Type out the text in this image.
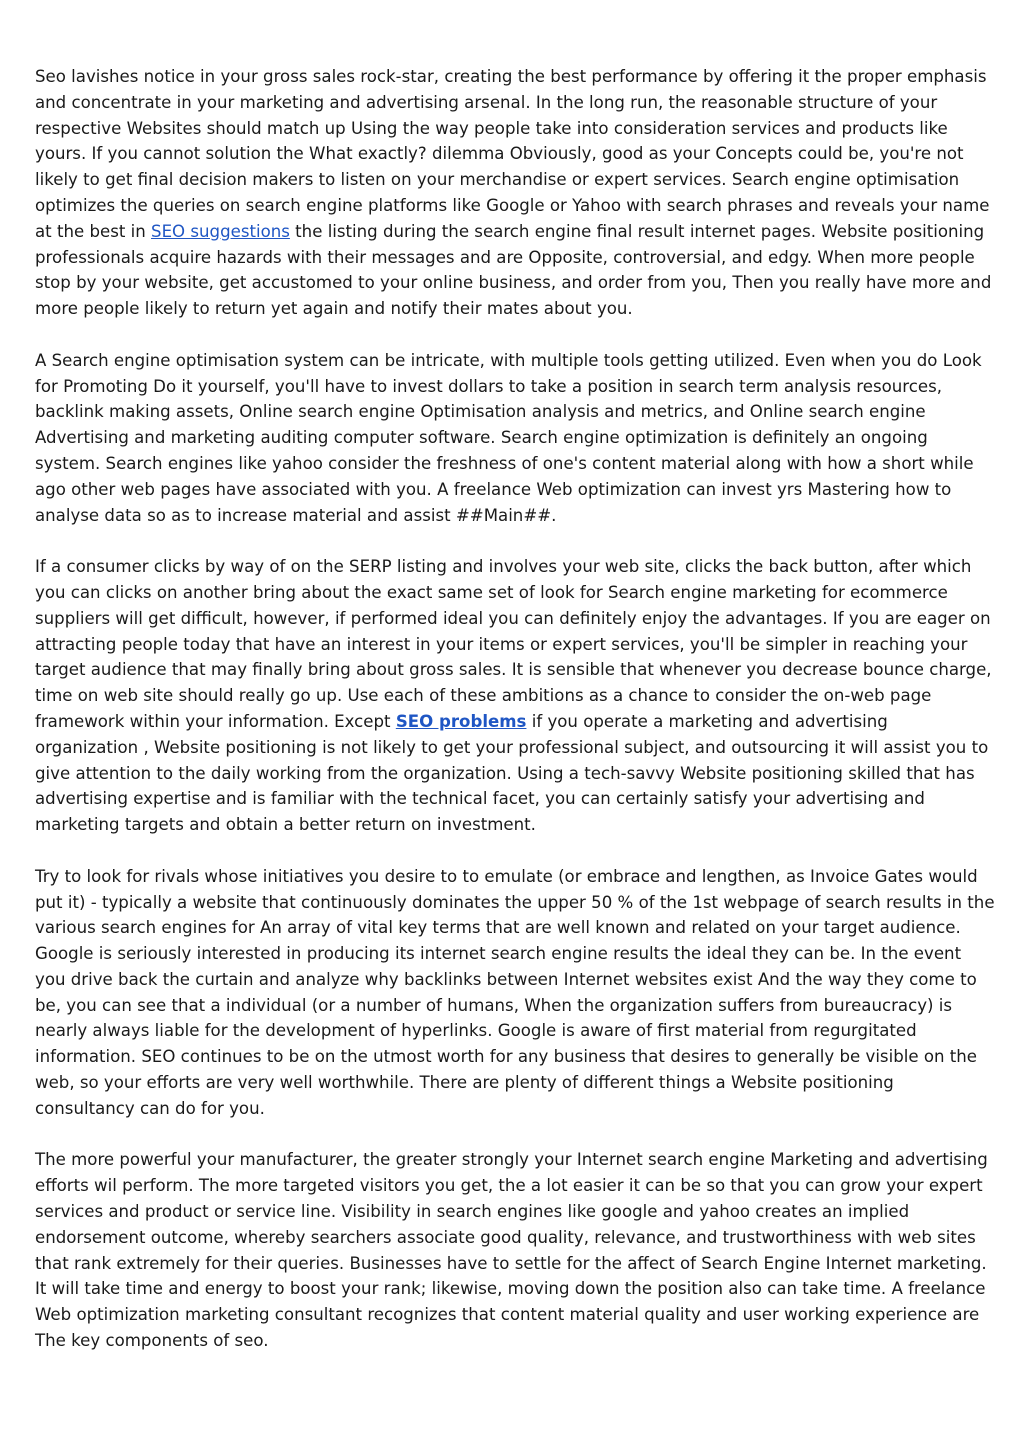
Seo lavishes notice in your gross sales rock-star, creating the best performance by offering it the proper emphasis and concentrate in your marketing and advertising arsenal. In the long run, the reasonable structure of your respective Websites should match up Using the way people take into consideration services and products like yours. If you cannot solution the What exactly? dilemma Obviously, good as your Concepts could be, you're not likely to get final decision makers to listen on your merchandise or expert services. Search engine optimisation optimizes the queries on search engine platforms like Google or Yahoo with search phrases and reveals your name at the best in SEO suggestions the listing during the search engine final result internet pages. Website positioning professionals acquire hazards with their messages and are Opposite, controversial, and edgy. When more people stop by your website, get accustomed to your online business, and order from you, Then you really have more and more people likely to return yet again and notify their mates about you.

A Search engine optimisation system can be intricate, with multiple tools getting utilized. Even when you do Look for Promoting Do it yourself, you'll have to invest dollars to take a position in search term analysis resources, backlink making assets, Online search engine Optimisation analysis and metrics, and Online search engine Advertising and marketing auditing computer software. Search engine optimization is definitely an ongoing system. Search engines like yahoo consider the freshness of one's content material along with how a short while ago other web pages have associated with you. A freelance Web optimization can invest yrs Mastering how to analyse data so as to increase material and assist ##Main##.

If a consumer clicks by way of on the SERP listing and involves your web site, clicks the back button, after which you can clicks on another bring about the exact same set of look for Search engine marketing for ecommerce suppliers will get difficult, however, if performed ideal you can definitely enjoy the advantages. If you are eager on attracting people today that have an interest in your items or expert services, you'll be simpler in reaching your target audience that may finally bring about gross sales. It is sensible that whenever you decrease bounce charge, time on web site should really go up. Use each of these ambitions as a chance to consider the on-web page framework within your information. Except SEO problems if you operate a marketing and advertising organization , Website positioning is not likely to get your professional subject, and outsourcing it will assist you to give attention to the daily working from the organization. Using a tech-savvy Website positioning skilled that has advertising expertise and is familiar with the technical facet, you can certainly satisfy your advertising and marketing targets and obtain a better return on investment.

Try to look for rivals whose initiatives you desire to to emulate (or embrace and lengthen, as Invoice Gates would put it) - typically a website that continuously dominates the upper 50 % of the 1st webpage of search results in the various search engines for An array of vital key terms that are well known and related on your target audience. Google is seriously interested in producing its internet search engine results the ideal they can be. In the event you drive back the curtain and analyze why backlinks between Internet websites exist And the way they come to be, you can see that a individual (or a number of humans, When the organization suffers from bureaucracy) is nearly always liable for the development of hyperlinks. Google is aware of first material from regurgitated information. SEO continues to be on the utmost worth for any business that desires to generally be visible on the web, so your efforts are very well worthwhile. There are plenty of different things a Website positioning consultancy can do for you.

The more powerful your manufacturer, the greater strongly your Internet search engine Marketing and advertising efforts wil perform. The more targeted visitors you get, the a lot easier it can be so that you can grow your expert services and product or service line. Visibility in search engines like google and yahoo creates an implied endorsement outcome, whereby searchers associate good quality, relevance, and trustworthiness with web sites that rank extremely for their queries. Businesses have to settle for the affect of Search Engine Internet marketing. It will take time and energy to boost your rank; likewise, moving down the position also can take time. A freelance Web optimization marketing consultant recognizes that content material quality and user working experience are The key components of seo.
